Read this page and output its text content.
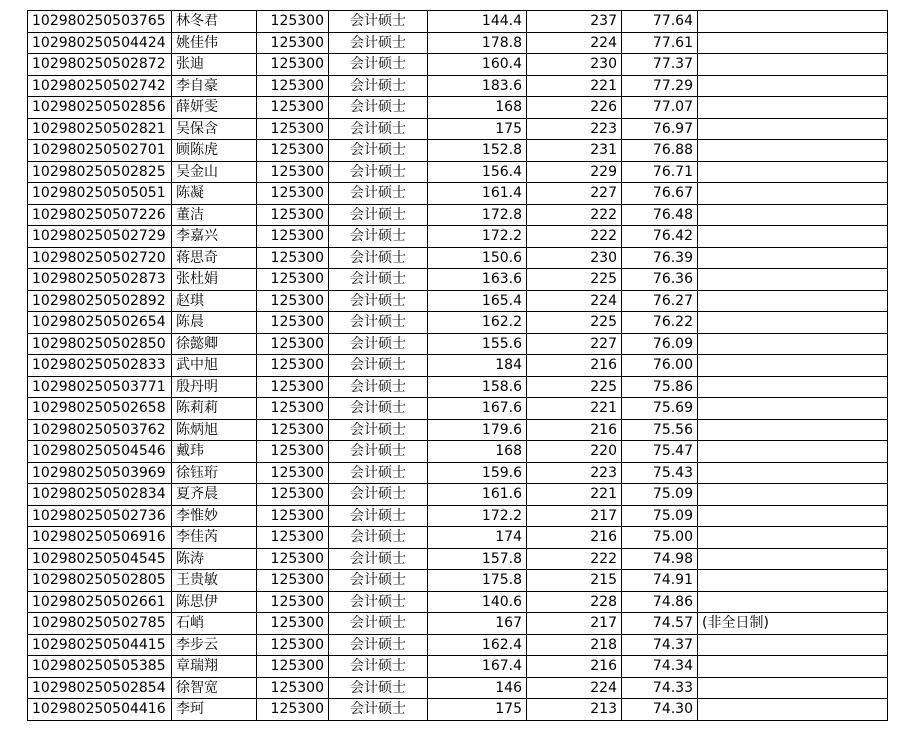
102980250503765	林冬君	125300	会计硕士	144.4	237	77.64	
102980250504424	姚佳伟	125300	会计硕士	178.8	224	77.61	
102980250502872	张迪	125300	会计硕士	160.4	230	77.37	
102980250502742	李自豪	125300	会计硕士	183.6	221	77.29	
102980250502856	薛妍雯	125300	会计硕士	168	226	77.07	
102980250502821	吴保含	125300	会计硕士	175	223	76.97	
102980250502701	顾陈虎	125300	会计硕士	152.8	231	76.88	
102980250502825	吴金山	125300	会计硕士	156.4	229	76.71	
102980250505051	陈凝	125300	会计硕士	161.4	227	76.67	
102980250507226	董洁	125300	会计硕士	172.8	222	76.48	
102980250502729	李嘉兴	125300	会计硕士	172.2	222	76.42	
102980250502720	蒋思奇	125300	会计硕士	150.6	230	76.39	
102980250502873	张杜娟	125300	会计硕士	163.6	225	76.36	
102980250502892	赵琪	125300	会计硕士	165.4	224	76.27	
102980250502654	陈晨	125300	会计硕士	162.2	225	76.22	
102980250502850	徐懿卿	125300	会计硕士	155.6	227	76.09	
102980250502833	武中旭	125300	会计硕士	184	216	76.00	
102980250503771	殷丹明	125300	会计硕士	158.6	225	75.86	
102980250502658	陈莉莉	125300	会计硕士	167.6	221	75.69	
102980250503762	陈炳旭	125300	会计硕士	179.6	216	75.56	
102980250504546	戴玮	125300	会计硕士	168	220	75.47	
102980250503969	徐钰珩	125300	会计硕士	159.6	223	75.43	
102980250502834	夏齐晨	125300	会计硕士	161.6	221	75.09	
102980250502736	李惟妙	125300	会计硕士	172.2	217	75.09	
102980250506916	李佳芮	125300	会计硕士	174	216	75.00	
102980250504545	陈涛	125300	会计硕士	157.8	222	74.98	
102980250502805	王贵敏	125300	会计硕士	175.8	215	74.91	
102980250502661	陈思伊	125300	会计硕士	140.6	228	74.86	
102980250502785	石峭	125300	会计硕士	167	217	74.57	(非全日制)
102980250504415	李步云	125300	会计硕士	162.4	218	74.37	
102980250505385	章瑞翔	125300	会计硕士	167.4	216	74.34	
102980250502854	徐智宽	125300	会计硕士	146	224	74.33	
102980250504416	李珂	125300	会计硕士	175	213	74.30	
